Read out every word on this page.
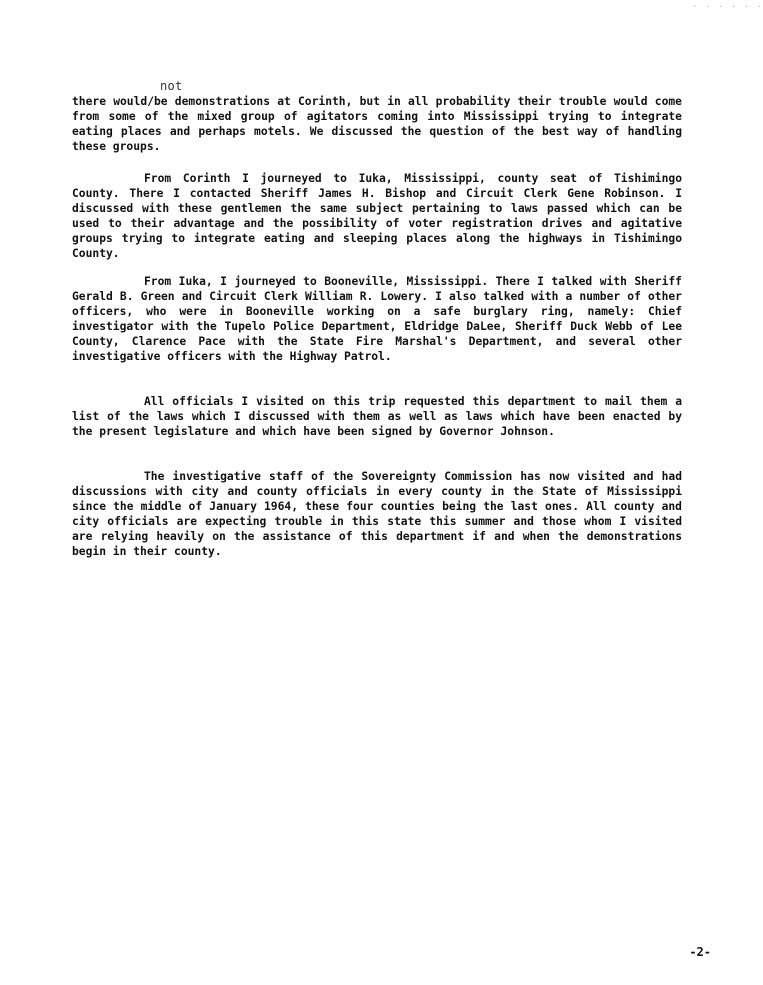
. . . . . .
not

there would/be demonstrations at Corinth, but in all probability their trouble would come from some of the mixed group of agitators coming into Mississippi trying to integrate eating places and perhaps motels. We discussed the question of the best way of handling these groups.

From Corinth I journeyed to Iuka, Mississippi, county seat of Tishimingo County. There I contacted Sheriff James H. Bishop and Circuit Clerk Gene Robinson. I discussed with these gentlemen the same subject pertaining to laws passed which can be used to their advantage and the possibility of voter registration drives and agitative groups trying to integrate eating and sleeping places along the highways in Tishimingo County.

From Iuka, I journeyed to Booneville, Mississippi. There I talked with Sheriff Gerald B. Green and Circuit Clerk William R. Lowery. I also talked with a number of other officers, who were in Booneville working on a safe burglary ring, namely: Chief investigator with the Tupelo Police Department, Eldridge DaLee, Sheriff Duck Webb of Lee County, Clarence Pace with the State Fire Marshal's Department, and several other investigative officers with the Highway Patrol.

All officials I visited on this trip requested this department to mail them a list of the laws which I discussed with them as well as laws which have been enacted by the present legislature and which have been signed by Governor Johnson.

The investigative staff of the Sovereignty Commission has now visited and had discussions with city and county officials in every county in the State of Mississippi since the middle of January 1964, these four counties being the last ones. All county and city officials are expecting trouble in this state this summer and those whom I visited are relying heavily on the assistance of this department if and when the demonstrations begin in their county.

-2-
